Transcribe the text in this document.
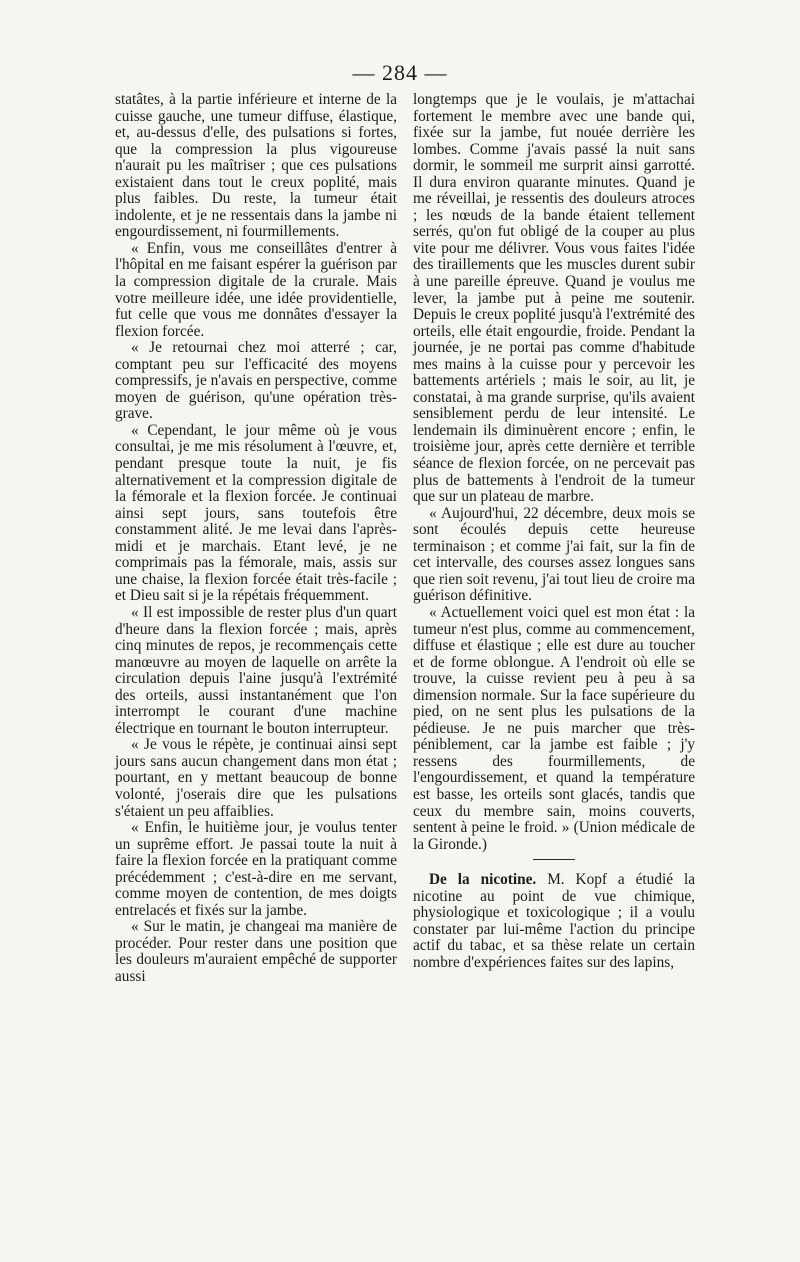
— 284 —

statâtes, à la partie inférieure et interne de la cuisse gauche, une tumeur diffuse, élastique, et, au-dessus d'elle, des pulsations si fortes, que la compression la plus vigoureuse n'aurait pu les maîtriser ; que ces pulsations existaient dans tout le creux poplité, mais plus faibles. Du reste, la tumeur était indolente, et je ne ressentais dans la jambe ni engourdissement, ni fourmillements.

« Enfin, vous me conseillâtes d'entrer à l'hôpital en me faisant espérer la guérison par la compression digitale de la crurale. Mais votre meilleure idée, une idée providentielle, fut celle que vous me donnâtes d'essayer la flexion forcée.

« Je retournai chez moi atterré ; car, comptant peu sur l'efficacité des moyens compressifs, je n'avais en perspective, comme moyen de guérison, qu'une opération très-grave.

« Cependant, le jour même où je vous consultai, je me mis résolument à l'œuvre, et, pendant presque toute la nuit, je fis alternativement et la compression digitale de la fémorale et la flexion forcée. Je continuai ainsi sept jours, sans toutefois être constamment alité. Je me levai dans l'après-midi et je marchais. Etant levé, je ne comprimais pas la fémorale, mais, assis sur une chaise, la flexion forcée était très-facile ; et Dieu sait si je la répétais fréquemment.

« Il est impossible de rester plus d'un quart d'heure dans la flexion forcée ; mais, après cinq minutes de repos, je recommençais cette manœuvre au moyen de laquelle on arrête la circulation depuis l'aine jusqu'à l'extrémité des orteils, aussi instantanément que l'on interrompt le courant d'une machine électrique en tournant le bouton interrupteur.

« Je vous le répète, je continuai ainsi sept jours sans aucun changement dans mon état ; pourtant, en y mettant beaucoup de bonne volonté, j'oserais dire que les pulsations s'étaient un peu affaiblies.

« Enfin, le huitième jour, je voulus tenter un suprême effort. Je passai toute la nuit à faire la flexion forcée en la pratiquant comme précédemment ; c'est-à-dire en me servant, comme moyen de contention, de mes doigts entrelacés et fixés sur la jambe.

« Sur le matin, je changeai ma manière de procéder. Pour rester dans une position que les douleurs m'auraient empêché de supporter aussi

longtemps que je le voulais, je m'attachai fortement le membre avec une bande qui, fixée sur la jambe, fut nouée derrière les lombes. Comme j'avais passé la nuit sans dormir, le sommeil me surprit ainsi garrotté. Il dura environ quarante minutes. Quand je me réveillai, je ressentis des douleurs atroces ; les nœuds de la bande étaient tellement serrés, qu'on fut obligé de la couper au plus vite pour me délivrer. Vous vous faites l'idée des tiraillements que les muscles durent subir à une pareille épreuve. Quand je voulus me lever, la jambe put à peine me soutenir. Depuis le creux poplité jusqu'à l'extrémité des orteils, elle était engourdie, froide. Pendant la journée, je ne portai pas comme d'habitude mes mains à la cuisse pour y percevoir les battements artériels ; mais le soir, au lit, je constatai, à ma grande surprise, qu'ils avaient sensiblement perdu de leur intensité. Le lendemain ils diminuèrent encore ; enfin, le troisième jour, après cette dernière et terrible séance de flexion forcée, on ne percevait pas plus de battements à l'endroit de la tumeur que sur un plateau de marbre.

« Aujourd'hui, 22 décembre, deux mois se sont écoulés depuis cette heureuse terminaison ; et comme j'ai fait, sur la fin de cet intervalle, des courses assez longues sans que rien soit revenu, j'ai tout lieu de croire ma guérison définitive.

« Actuellement voici quel est mon état : la tumeur n'est plus, comme au commencement, diffuse et élastique ; elle est dure au toucher et de forme oblongue. A l'endroit où elle se trouve, la cuisse revient peu à peu à sa dimension normale. Sur la face supérieure du pied, on ne sent plus les pulsations de la pédieuse. Je ne puis marcher que très-péniblement, car la jambe est faible ; j'y ressens des fourmillements, de l'engourdissement, et quand la température est basse, les orteils sont glacés, tandis que ceux du membre sain, moins couverts, sentent à peine le froid. » (Union médicale de la Gironde.)

De la nicotine. M. Kopf a étudié la nicotine au point de vue chimique, physiologique et toxicologique ; il a voulu constater par lui-même l'action du principe actif du tabac, et sa thèse relate un certain nombre d'expériences faites sur des lapins,
